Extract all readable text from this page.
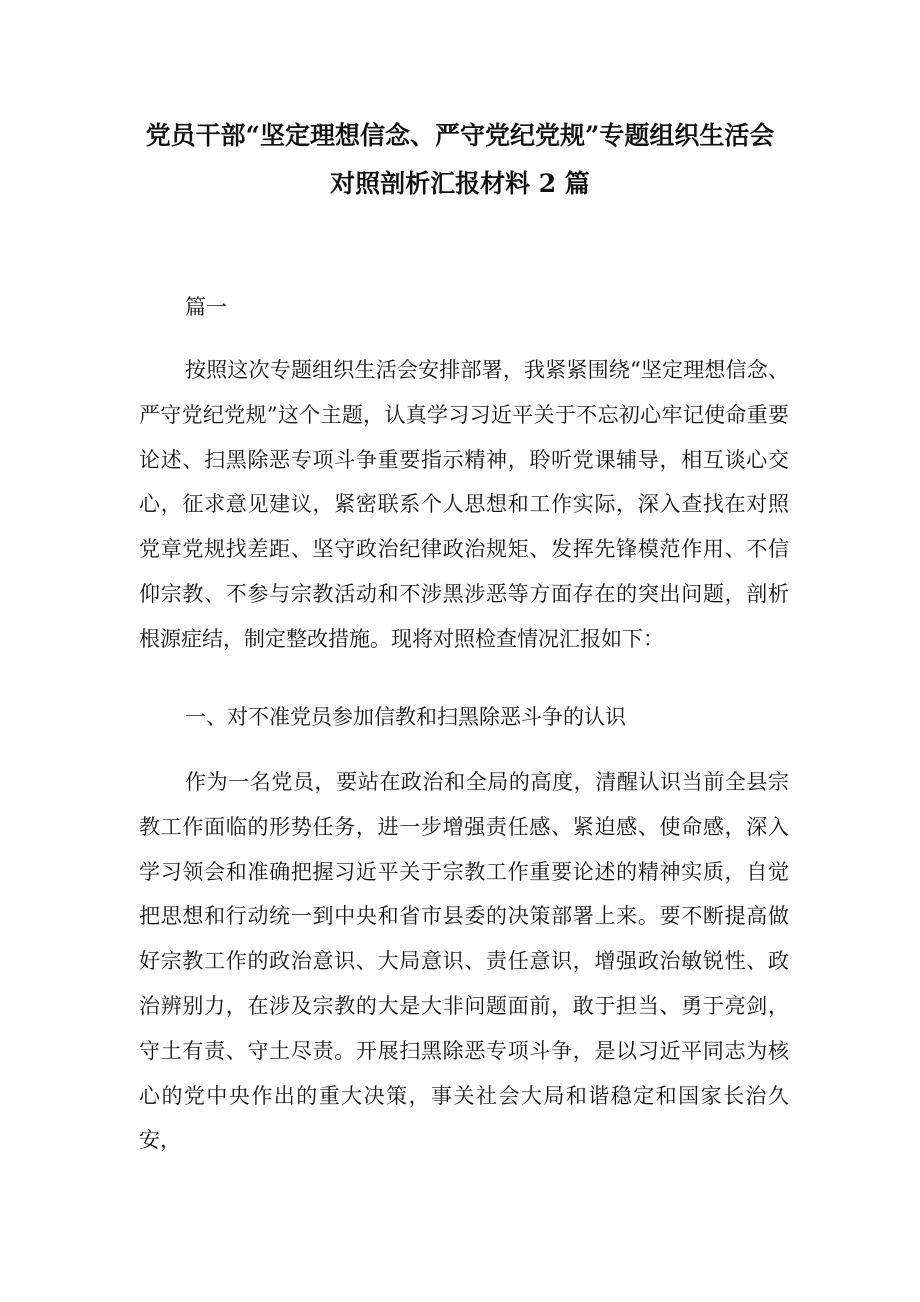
党员干部“坚定理想信念、严守党纪党规”专题组织生活会
对照剖析汇报材料 2 篇
篇一

按照这次专题组织生活会安排部署，我紧紧围绕“坚定理想信念、严守党纪党规”这个主题，认真学习习近平关于不忘初心牢记使命重要论述、扫黑除恶专项斗争重要指示精神，聆听党课辅导，相互谈心交心，征求意见建议，紧密联系个人思想和工作实际，深入查找在对照党章党规找差距、坚守政治纪律政治规矩、发挥先锋模范作用、不信仰宗教、不参与宗教活动和不涉黑涉恶等方面存在的突出问题，剖析根源症结，制定整改措施。现将对照检查情况汇报如下：

一、对不准党员参加信教和扫黑除恶斗争的认识

作为一名党员，要站在政治和全局的高度，清醒认识当前全县宗教工作面临的形势任务，进一步增强责任感、紧迫感、使命感，深入学习领会和准确把握习近平关于宗教工作重要论述的精神实质，自觉把思想和行动统一到中央和省市县委的决策部署上来。要不断提高做好宗教工作的政治意识、大局意识、责任意识，增强政治敏锐性、政治辨别力，在涉及宗教的大是大非问题面前，敢于担当、勇于亮剑，守土有责、守土尽责。开展扫黑除恶专项斗争，是以习近平同志为核心的党中央作出的重大决策，事关社会大局和谐稳定和国家长治久安，
